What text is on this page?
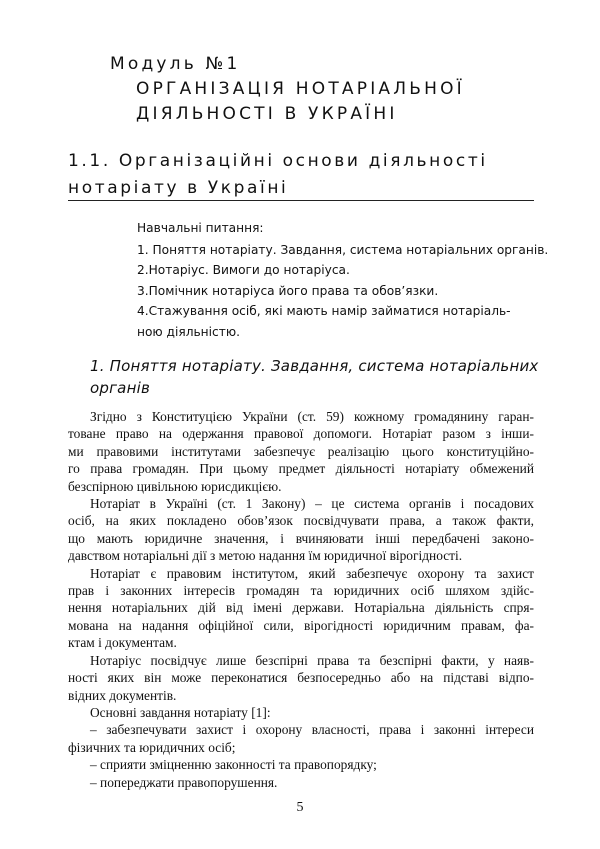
Модуль №1
ОРГАНІЗАЦІЯ НОТАРІАЛЬНОЇ
ДІЯЛЬНОСТІ В УКРАЇНІ
1.1. Організаційні основи діяльності
нотаріату в Україні
Навчальні питання:
1. Поняття нотаріату. Завдання, система нотаріальних органів.
2.Нотаріус. Вимоги до нотаріуса.
3.Помічник нотаріуса його права та обов’язки.
4.Стажування осіб, які мають намір займатися нотаріаль-
ною діяльністю.
1. Поняття нотаріату. Завдання, система нотаріальних
органів
Згідно з Конституцією України (ст. 59) кожному громадянину гаран-
товане право на одержання правової допомоги. Нотаріат разом з інши-
ми правовими інститутами забезпечує реалізацію цього конституційно-
го права громадян. При цьому предмет діяльності нотаріату обмежений
безспірною цивільною юрисдикцією.
Нотаріат в Україні (ст. 1 Закону) – це система органів і посадових
осіб, на яких покладено обов’язок посвідчувати права, а також факти,
що мають юридичне значення, і вчиняювати інші передбачені законо-
давством нотаріальні дії з метою надання їм юридичної вірогідності.
Нотаріат є правовим інститутом, який забезпечує охорону та захист
прав і законних інтересів громадян та юридичних осіб шляхом здійс-
нення нотаріальних дій від імені держави. Нотаріальна діяльність спря-
мована на надання офіційної сили, вірогідності юридичним правам, фа-
ктам і документам.
Нотаріус посвідчує лише безспірні права та безспірні факти, у наяв-
ності яких він може переконатися безпосередньо або на підставі відпо-
відних документів.
Основні завдання нотаріату [1]:
– забезпечувати захист і охорону власності, права і законні інтереси
фізичних та юридичних осіб;
– сприяти зміцненню законності та правопорядку;
– попереджати правопорушення.
5
